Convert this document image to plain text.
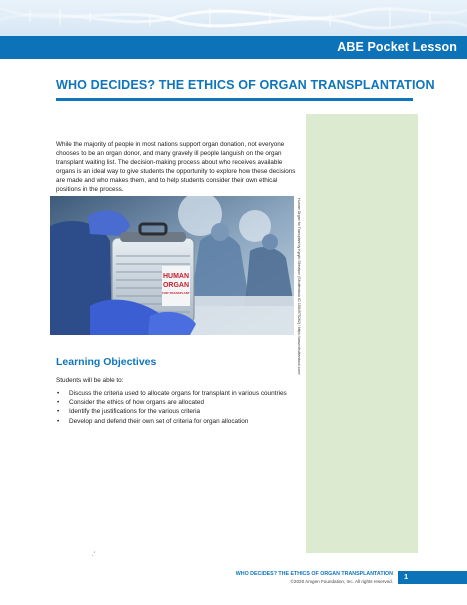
ABE Pocket Lesson
WHO DECIDES? THE ETHICS OF ORGAN TRANSPLANTATION

While the majority of people in most nations support organ donation, not everyone chooses to be an organ donor, and many gravely ill people languish on the organ transplant waiting list. The decision-making process about who receives available organs is an ideal way to give students the opportunity to explore how these decisions are made and who makes them, and to help students consider their own ethical positions in the process.

HUMAN
ORGAN
FOR TRANSPLANT	Human Organ for Transplant by Kyrylo Shevtsov (Shutterstock ID 1584975262) / https://www.shutterstock.com/
Learning Objectives
Students will be able to:
• Discuss the criteria used to allocate organs for transplant in various countries
• Consider the ethics of how organs are allocated
• Identify the justifications for the various criteria
• Develop and defend their own set of criteria for organ allocation
.'
WHO DECIDES? THE ETHICS OF ORGAN TRANSPLANTATION
©2020 Amgen Foundation, Inc. All rights reserved.
1
